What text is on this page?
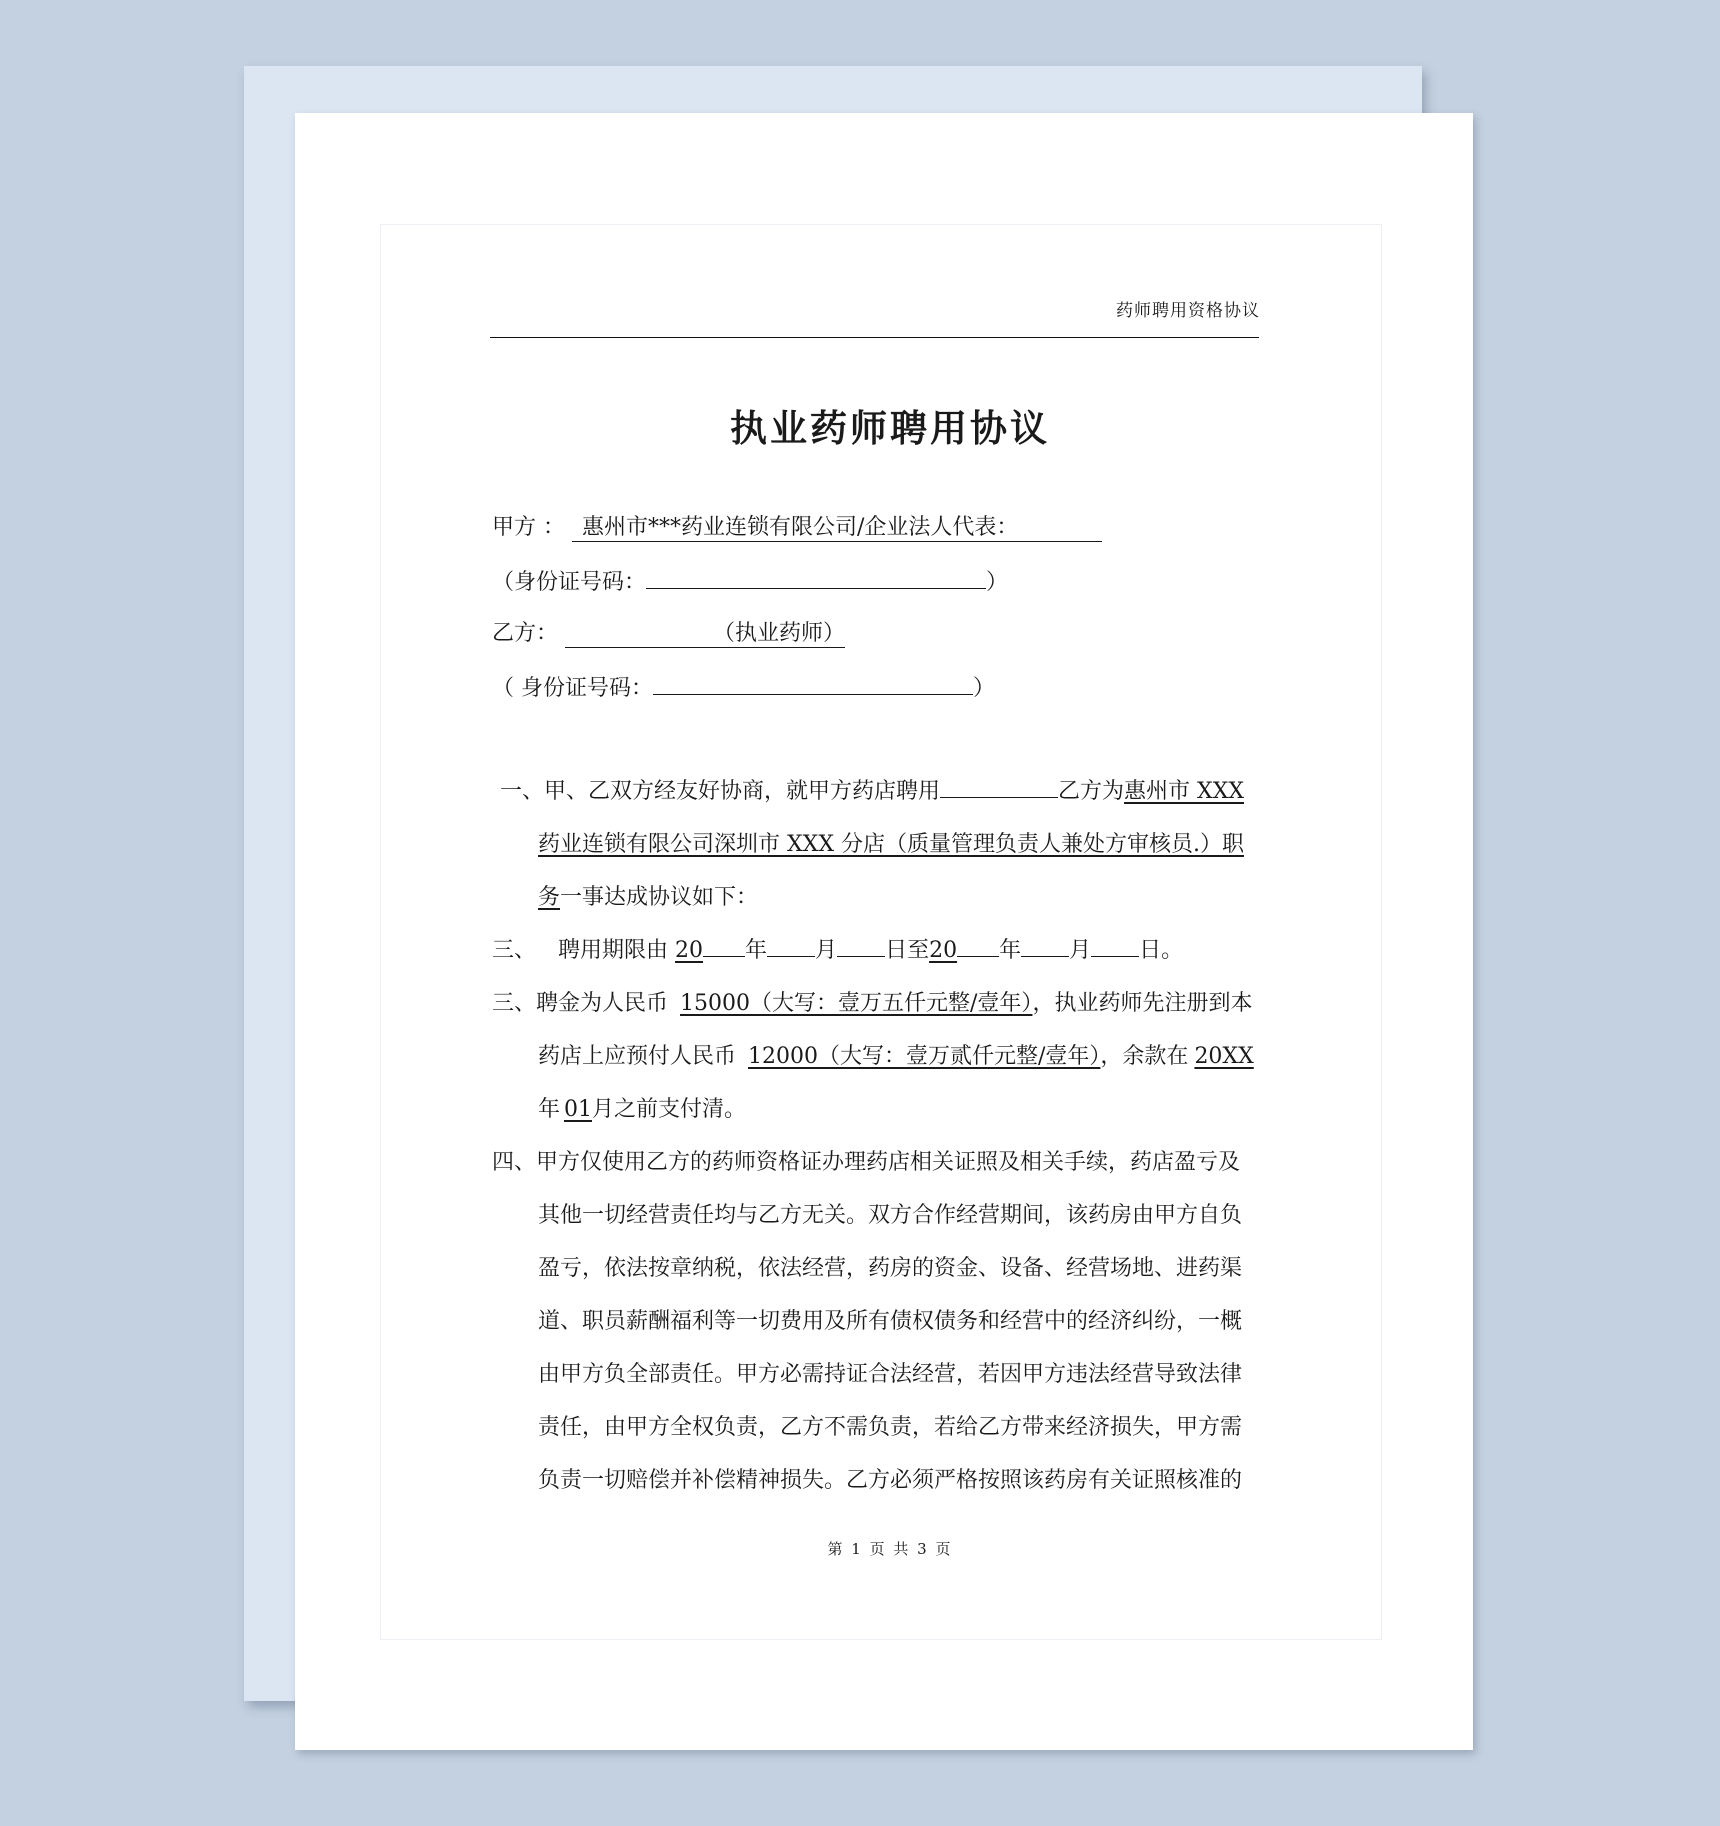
药师聘用资格协议
执业药师聘用协议
甲方 ： 惠州市***药业连锁有限公司/企业法人代表：
（身份证号码：	）
乙方：	（执业药师）
（ 身份证号码：	）
一、甲、乙双方经友好协商，就甲方药店聘用	乙方为惠州市 XXX
药业连锁有限公司深圳市 XXX 分店（质量管理负责人兼处方审核员.）职
务一事达成协议如下：
三、 聘用期限由 20 年 月 日至20 年 月 日。
三、聘金为人民币 15000（大写：壹万五仟元整/壹年），执业药师先注册到本
药店上应预付人民币 12000（大写：壹万贰仟元整/壹年），余款在 20XX
年 01月之前支付清。
四、 甲方仅使用乙方的药师资格证办理药店相关证照及相关手续，药店盈亏及
其他一切经营责任均与乙方无关。双方合作经营期间，该药房由甲方自负
盈亏，依法按章纳税，依法经营，药房的资金、设备、经营场地、进药渠
道、职员薪酬福利等一切费用及所有债权债务和经营中的经济纠纷，一概
由甲方负全部责任。甲方必需持证合法经营，若因甲方违法经营导致法律
责任，由甲方全权负责，乙方不需负责，若给乙方带来经济损失，甲方需
负责一切赔偿并补偿精神损失。乙方必须严格按照该药房有关证照核准的
第 1 页 共 3 页
